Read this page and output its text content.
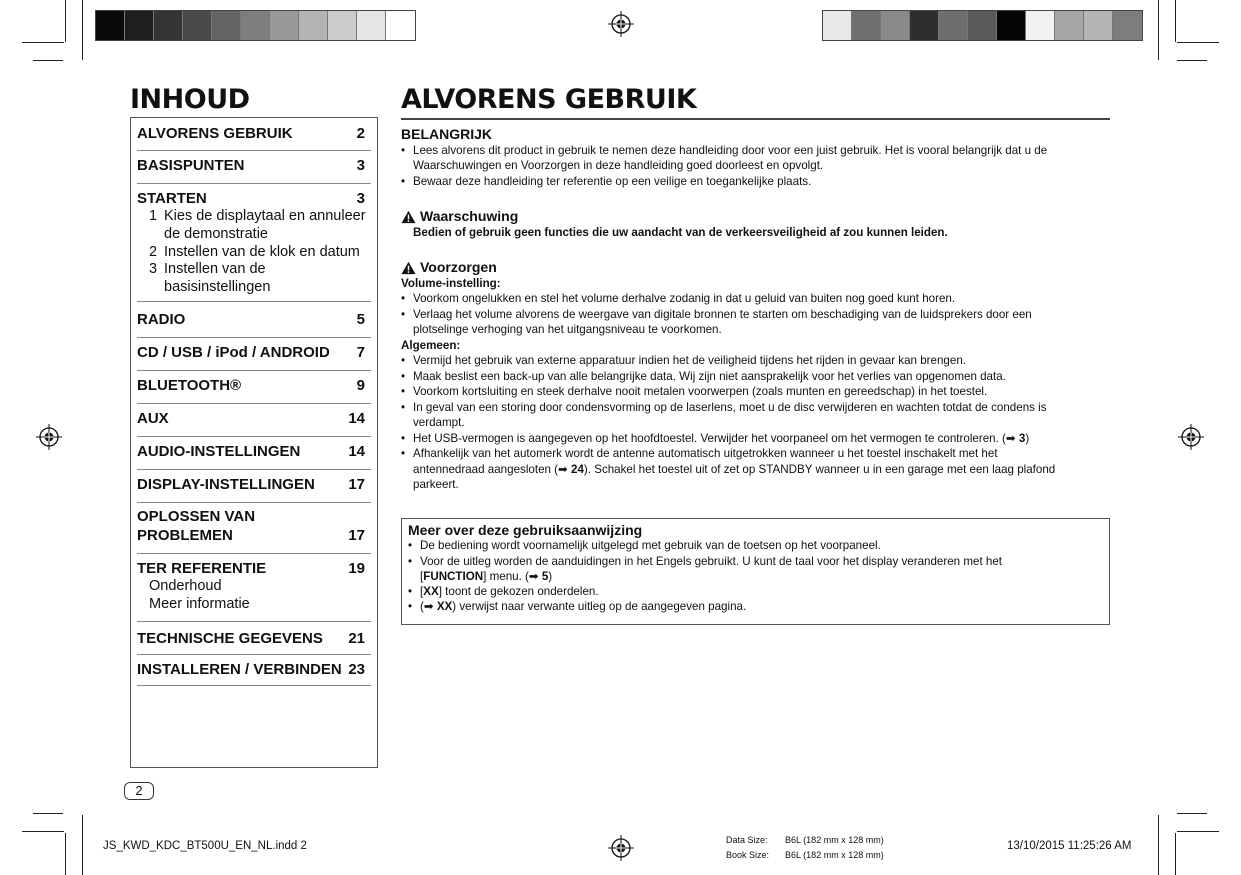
INHOUD	ALVORENS GEBRUIK
ALVORENS GEBRUIK	2
BASISPUNTEN	3
STARTEN	3
1 Kies de displaytaal en annuleer
de demonstratie
2 Instellen van de klok en datum
3 Instellen van de
basisinstellingen
RADIO	5
CD / USB / iPod / ANDROID 7
BLUETOOTH®	9
AUX	14
AUDIO-INSTELLINGEN	14
DISPLAY-INSTELLINGEN 17
OPLOSSEN VAN
PROBLEMEN	17
TER REFERENTIE	19
Onderhoud
Meer informatie
TECHNISCHE GEGEVENS 21
INSTALLEREN / VERBINDEN 23
BELANGRIJK
• Lees alvorens dit product in gebruik te nemen deze handleiding door voor een juist gebruik. Het is vooral belangrijk dat u de
Waarschuwingen en Voorzorgen in deze handleiding goed doorleest en opvolgt.
• Bewaar deze handleiding ter referentie op een veilige en toegankelijke plaats.
Waarschuwing
Bedien of gebruik geen functies die uw aandacht van de verkeersveiligheid af zou kunnen leiden.
Voorzorgen
Volume-instelling:
• Voorkom ongelukken en stel het volume derhalve zodanig in dat u geluid van buiten nog goed kunt horen.
• Verlaag het volume alvorens de weergave van digitale bronnen te starten om beschadiging van de luidsprekers door een
plotselinge verhoging van het uitgangsniveau te voorkomen.
Algemeen:
• Vermijd het gebruik van externe apparatuur indien het de veiligheid tijdens het rijden in gevaar kan brengen.
• Maak beslist een back-up van alle belangrijke data. Wij zijn niet aansprakelijk voor het verlies van opgenomen data.
• Voorkom kortsluiting en steek derhalve nooit metalen voorwerpen (zoals munten en gereedschap) in het toestel.
• In geval van een storing door condensvorming op de laserlens, moet u de disc verwijderen en wachten totdat de condens is
verdampt.
• Het USB-vermogen is aangegeven op het hoofdtoestel. Verwijder het voorpaneel om het vermogen te controleren. (➡ 3)
• Afhankelijk van het automerk wordt de antenne automatisch uitgetrokken wanneer u het toestel inschakelt met het
antennedraad aangesloten (➡ 24). Schakel het toestel uit of zet op STANDBY wanneer u in een garage met een laag plafond
parkeert.
Meer over deze gebruiksaanwijzing
• De bediening wordt voornamelijk uitgelegd met gebruik van de toetsen op het voorpaneel.
• Voor de uitleg worden de aanduidingen in het Engels gebruikt. U kunt de taal voor het display veranderen met het
[FUNCTION] menu. (➡ 5)
• [XX] toont de gekozen onderdelen.
• (➡ XX) verwijst naar verwante uitleg op de aangegeven pagina.
2
JS_KWD_KDC_BT500U_EN_NL.indd 2	Data Size: B6L (182 mm x 128 mm)
Book Size: B6L (182 mm x 128 mm)
13/10/2015 11:25:26 AM
